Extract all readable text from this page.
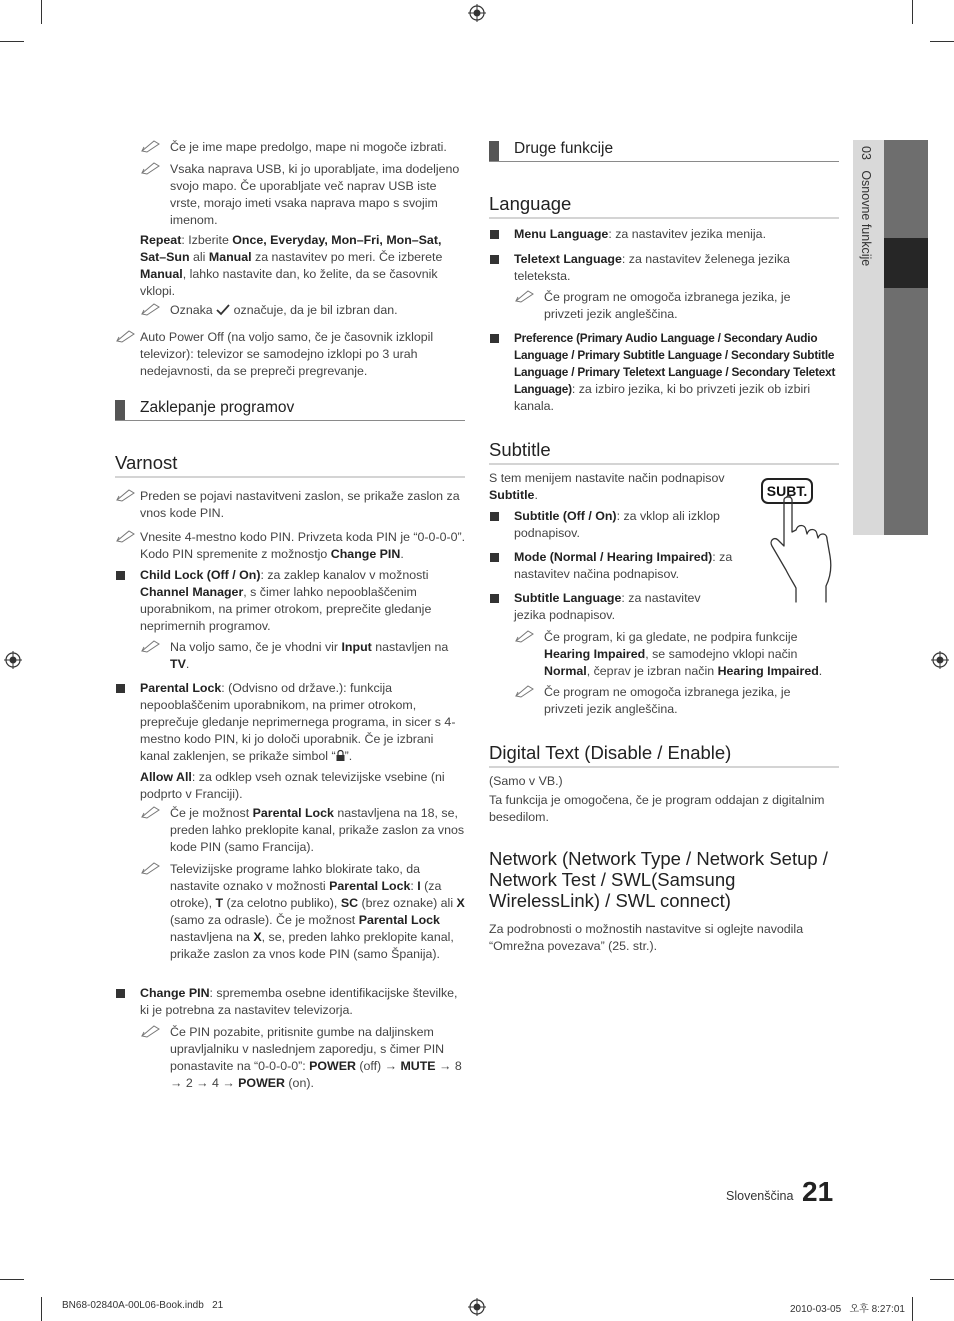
03   Osnovne funkcije
Če je ime mape predolgo, mape ni mogoče izbrati.
Vsaka naprava USB, ki jo uporabljate, ima dodeljeno svojo mapo. Če uporabljate več naprav USB iste vrste, morajo imeti vsaka naprava mapo s svojim imenom.
Repeat: Izberite Once, Everyday, Mon–Fri, Mon–Sat, Sat–Sun ali Manual za nastavitev po meri. Če izberete Manual, lahko nastavite dan, ko želite, da se časovnik vklopi.
Oznaka označuje, da je bil izbran dan.
Auto Power Off (na voljo samo, če je časovnik izklopil televizor): televizor se samodejno izklopi po 3 urah nedejavnosti, da se prepreči pregrevanje.
Zaklepanje programov
Varnost
Preden se pojavi nastavitveni zaslon, se prikaže zaslon za vnos kode PIN.
Vnesite 4-mestno kodo PIN. Privzeta koda PIN je “0-0-0-0”. Kodo PIN spremenite z možnostjo Change PIN.
Child Lock (Off / On): za zaklep kanalov v možnosti Channel Manager, s čimer lahko nepooblaščenim uporabnikom, na primer otrokom, preprečite gledanje neprimernih programov.
Na voljo samo, če je vhodni vir Input nastavljen na TV.
Parental Lock: (Odvisno od države.): funkcija nepooblaščenim uporabnikom, na primer otrokom, preprečuje gledanje neprimernega programa, in sicer s 4-mestno kodo PIN, ki jo določi uporabnik. Če je izbrani kanal zaklenjen, se prikaže simbol “ ”.
Allow All: za odklep vseh oznak televizijske vsebine (ni podprto v Franciji).
Če je možnost Parental Lock nastavljena na 18, se, preden lahko preklopite kanal, prikaže zaslon za vnos kode PIN (samo Francija).
Televizijske programe lahko blokirate tako, da nastavite oznako v možnosti Parental Lock: I (za otroke), T (za celotno publiko), SC (brez oznake) ali X (samo za odrasle). Če je možnost Parental Lock nastavljena na X, se, preden lahko preklopite kanal, prikaže zaslon za vnos kode PIN (samo Španija).
Change PIN: sprememba osebne identifikacijske številke, ki je potrebna za nastavitev televizorja.
Če PIN pozabite, pritisnite gumbe na daljinskem upravljalniku v naslednjem zaporedju, s čimer PIN ponastavite na “0-0-0-0”: POWER (off) → MUTE → 8 → 2 → 4 → POWER (on).
Druge funkcije
Language
Menu Language: za nastavitev jezika menija.
Teletext Language: za nastavitev želenega jezika teleteksta.
Če program ne omogoča izbranega jezika, je privzeti jezik angleščina.
Preference (Primary Audio Language / Secondary Audio Language / Primary Subtitle Language / Secondary Subtitle Language / Primary Teletext Language / Secondary Teletext Language): za izbiro jezika, ki bo privzeti jezik ob izbiri kanala.
Subtitle
S tem menijem nastavite način podnapisov Subtitle.	SUBT.
Subtitle (Off / On): za vklop ali izklop podnapisov.
Mode (Normal / Hearing Impaired): za nastavitev načina podnapisov.
Subtitle Language: za nastavitev jezika podnapisov.
Če program, ki ga gledate, ne podpira funkcije Hearing Impaired, se samodejno vklopi način Normal, čeprav je izbran način Hearing Impaired.
Če program ne omogoča izbranega jezika, je privzeti jezik angleščina.
Digital Text (Disable / Enable)
(Samo v VB.)
Ta funkcija je omogočena, če je program oddajan z digitalnim besedilom.
Network (Network Type / Network Setup / Network Test / SWL(Samsung WirelessLink) / SWL connect)
Za podrobnosti o možnostih nastavitve si oglejte navodila “Omrežna povezava” (25. str.).
Slovenščina 21
BN68-02840A-00L06-Book.indb   21	2010-03-05   오후 8:27:01
